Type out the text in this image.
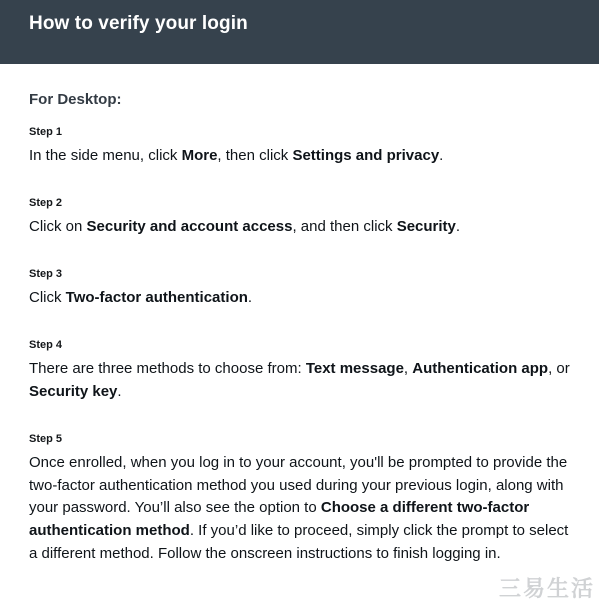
How to verify your login
For Desktop:
Step 1
In the side menu, click More, then click Settings and privacy.
Step 2
Click on Security and account access, and then click Security.
Step 3
Click Two-factor authentication.
Step 4
There are three methods to choose from: Text message, Authentication app, or Security key.
Step 5
Once enrolled, when you log in to your account, you'll be prompted to provide the two-factor authentication method you used during your previous login, along with your password. You’ll also see the option to Choose a different two-factor authentication method. If you’d like to proceed, simply click the prompt to select a different method. Follow the onscreen instructions to finish logging in.
三易生活
